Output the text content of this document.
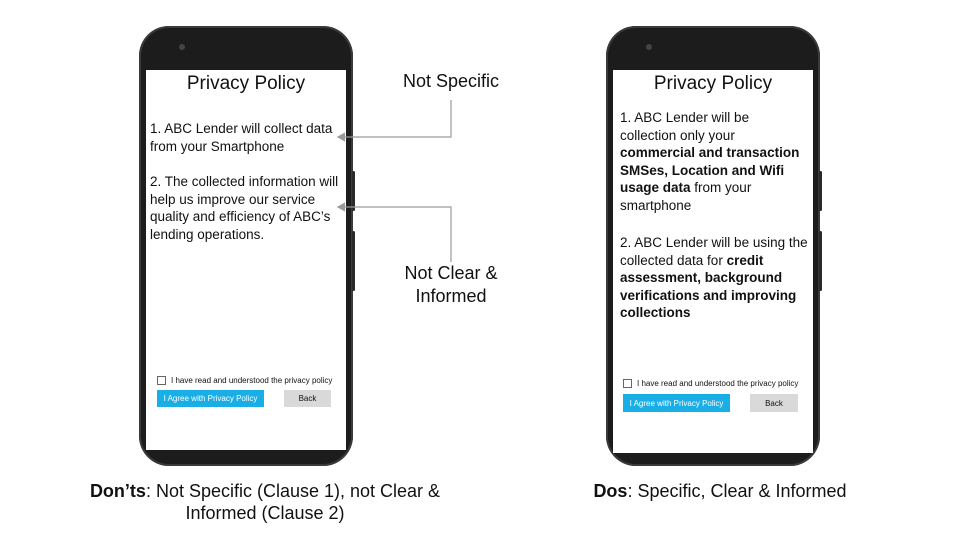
Privacy Policy
1. ABC Lender will collect data from your Smartphone
2. The collected information will help us improve our service quality and efficiency of ABC’s lending operations.
I have read and understood the privacy policy
I Agree with Privacy Policy	Back
Privacy Policy
1. ABC Lender will be collection only your commercial and transaction SMSes, Location and Wifi usage data from your smartphone
2. ABC Lender will be using the collected data for credit assessment, background verifications and improving collections
I have read and understood the privacy policy
I Agree with Privacy Policy	Back
Not Specific
Not Clear &
Informed
Don’ts: Not Specific (Clause 1), not Clear &
Informed (Clause 2)
Dos: Specific, Clear & Informed
